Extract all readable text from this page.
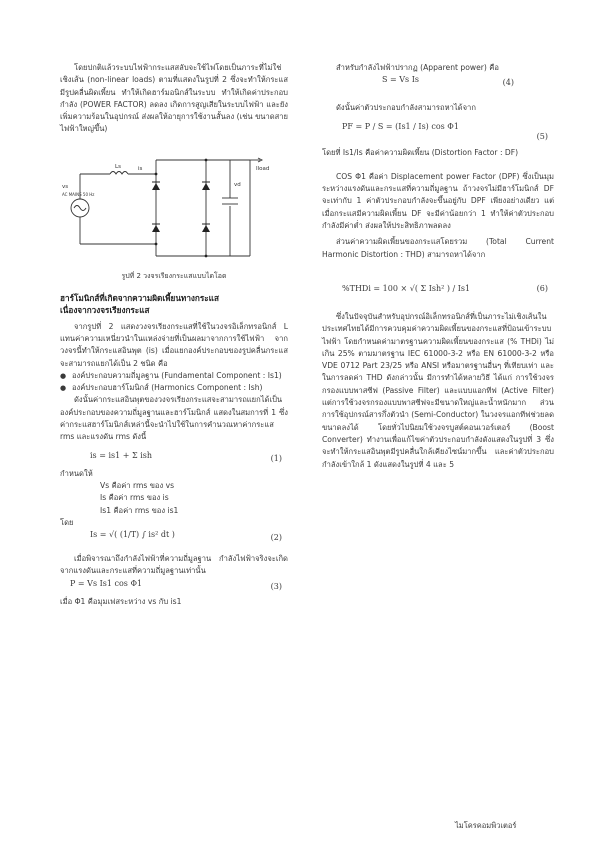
โดยปกติแล้วระบบไฟฟ้ากระแสสลับจะใช้ไฟโดยเป็นภาระที่ไม่ใช่เชิงเส้น (non-linear loads) ตามที่แสดงในรูปที่ 2 ซึ่งจะทำให้กระแสมีรูปคลื่นผิดเพี้ยน ทำให้เกิดฮาร์มอนิกส์ในระบบ ทำให้เกิดค่าประกอบกำลัง (POWER FACTOR) ลดลง เกิดการสูญเสียในระบบไฟฟ้า และยังเพิ่มความร้อนในอุปกรณ์ ส่งผลให้อายุการใช้งานสั้นลง (เช่น ขนาดสายไฟฟ้าใหญ่ขึ้น)

vs
AC MAINS 50 Hz
Ls	is
vd
Iload
รูปที่ 2 วงจรเรียงกระแสแบบไดโอด

ฮาร์โมนิกส์ที่เกิดจากความผิดเพี้ยนทางกระแส

เนื่องจากวงจรเรียงกระแส

จากรูปที่ 2 แสดงวงจรเรียงกระแสที่ใช้ในวงจรอิเล็กทรอนิกส์ L แทนค่าความเหนี่ยวนำในแหล่งจ่ายที่เป็นผลมาจากการใช้ไฟฟ้า จากวงจรนี้ทำให้กระแสอินพุต (is) เมื่อแยกองค์ประกอบของรูปคลื่นกระแส จะสามารถแยกได้เป็น 2 ชนิด คือ

● องค์ประกอบความถี่มูลฐาน (Fundamental Component : Is1)

● องค์ประกอบฮาร์โมนิกส์ (Harmonics Component : Ish)

ดังนั้นค่ากระแสอินพุตของวงจรเรียงกระแสจะสามารถแยกได้เป็นองค์ประกอบของความถี่มูลฐานและฮาร์โมนิกส์ แสดงในสมการที่ 1 ซึ่งค่ากระแสฮาร์โมนิกส์เหล่านี้จะนำไปใช้ในการคำนวณหาค่ากระแส rms และแรงดัน rms ดังนี้

is = is1 + Σ ish	(1)

กำหนดให้

Vs คือค่า rms ของ vs

Is คือค่า rms ของ is

Is1 คือค่า rms ของ is1

โดย

Is = √( (1/T) ∫ is² dt )	(2)

เมื่อพิจารณาถึงกำลังไฟฟ้าที่ความถี่มูลฐาน กำลังไฟฟ้าจริงจะเกิดจากแรงดันและกระแสที่ความถี่มูลฐานเท่านั้น

P = Vs Is1 cos Φ1	(3)

เมื่อ Φ1 คือมุมเฟสระหว่าง vs กับ is1

สำหรับกำลังไฟฟ้าปรากฏ (Apparent power) คือ

S = Vs Is	(4)

ดังนั้นค่าตัวประกอบกำลังสามารถหาได้จาก

PF = P / S = (Is1 / Is) cos Φ1
(5)

โดยที่ Is1/Is คือค่าความผิดเพี้ยน (Distortion Factor : DF)

COS Φ1 คือค่า Displacement power Factor (DPF) ซึ่งเป็นมุมระหว่างแรงดันและกระแสที่ความถี่มูลฐาน ถ้าวงจรไม่มีฮาร์โมนิกส์ DF จะเท่ากับ 1 ค่าตัวประกอบกำลังจะขึ้นอยู่กับ DPF เพียงอย่างเดียว แต่เมื่อกระแสมีความผิดเพี้ยน DF จะมีค่าน้อยกว่า 1 ทำให้ค่าตัวประกอบกำลังมีค่าต่ำ ส่งผลให้ประสิทธิภาพลดลง

ส่วนค่าความผิดเพี้ยนของกระแสโดยรวม (Total Current Harmonic Distortion : THD) สามารถหาได้จาก

%THDi = 100 × √( Σ Ish² ) / Is1	(6)

ซึ่งในปัจจุบันสำหรับอุปกรณ์อิเล็กทรอนิกส์ที่เป็นภาระไม่เชิงเส้นในประเทศไทยได้มีการควบคุมค่าความผิดเพี้ยนของกระแสที่ป้อนเข้าระบบไฟฟ้า โดยกำหนดค่ามาตรฐานความผิดเพี้ยนของกระแส (% THDi) ไม่เกิน 25% ตามมาตรฐาน IEC 61000-3-2 หรือ EN 61000-3-2 หรือ VDE 0712 Part 23/25 หรือ ANSI หรือมาตรฐานอื่นๆ ที่เทียบเท่า และในการลดค่า THD ดังกล่าวนั้น มีการทำได้หลายวิธี ได้แก่ การใช้วงจรกรองแบบพาสซีฟ (Passive Filter) และแบบแอกทีฟ (Active Filter) แต่การใช้วงจรกรองแบบพาสซีฟจะมีขนาดใหญ่และน้ำหนักมาก ส่วนการใช้อุปกรณ์สารกึ่งตัวนำ (Semi-Conductor) ในวงจรแอกทีฟช่วยลดขนาดลงได้ โดยทั่วไปนิยมใช้วงจรบูสต์คอนเวอร์เตอร์ (Boost Converter) ทำงานเพื่อแก้ไขค่าตัวประกอบกำลังดังแสดงในรูปที่ 3 ซึ่งจะทำให้กระแสอินพุตมีรูปคลื่นใกล้เคียงไซน์มากขึ้น และค่าตัวประกอบกำลังเข้าใกล้ 1 ดังแสดงในรูปที่ 4 และ 5

ไมโครคอมพิวเตอร์
